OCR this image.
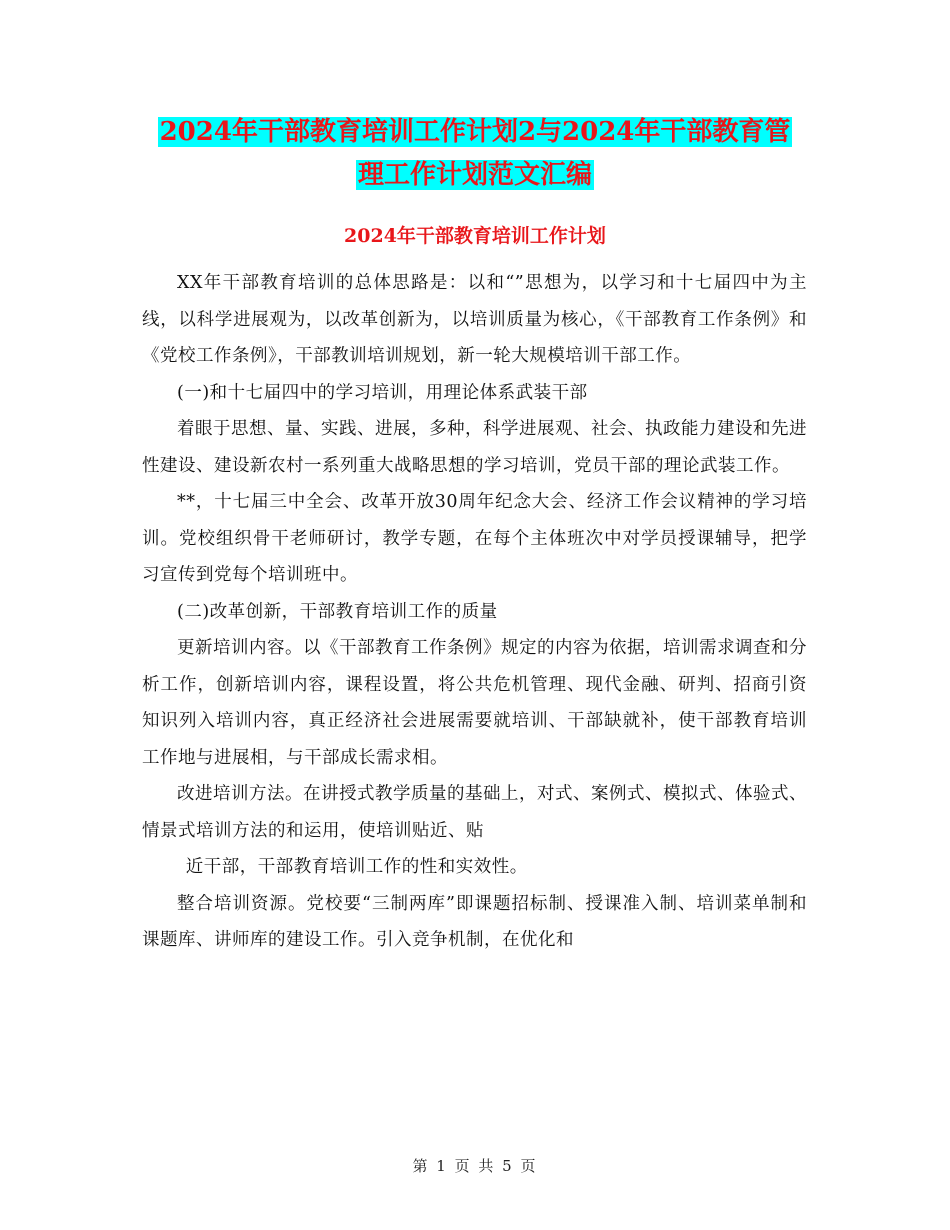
2024年干部教育培训工作计划2与2024年干部教育管
理工作计划范文汇编
2024年干部教育培训工作计划

XX年干部教育培训的总体思路是：以和“”思想为，以学习和十七届四中为主线，以科学进展观为，以改革创新为，以培训质量为核心，《干部教育工作条例》和《党校工作条例》，干部教训培训规划，新一轮大规模培训干部工作。

(一)和十七届四中的学习培训，用理论体系武装干部

着眼于思想、量、实践、进展，多种，科学进展观、社会、执政能力建设和先进性建设、建设新农村一系列重大战略思想的学习培训，党员干部的理论武装工作。

**，十七届三中全会、改革开放30周年纪念大会、经济工作会议精神的学习培训。党校组织骨干老师研讨，教学专题，在每个主体班次中对学员授课辅导，把学习宣传到党每个培训班中。

(二)改革创新，干部教育培训工作的质量

更新培训内容。以《干部教育工作条例》规定的内容为依据，培训需求调查和分析工作，创新培训内容，课程设置，将公共危机管理、现代金融、研判、招商引资知识列入培训内容，真正经济社会进展需要就培训、干部缺就补，使干部教育培训工作地与进展相，与干部成长需求相。

改进培训方法。在讲授式教学质量的基础上，对式、案例式、模拟式、体验式、情景式培训方法的和运用，使培训贴近、贴

近干部，干部教育培训工作的性和实效性。

整合培训资源。党校要“三制两库”即课题招标制、授课准入制、培训菜单制和课题库、讲师库的建设工作。引入竞争机制，在优化和

第 1 页 共 5 页
